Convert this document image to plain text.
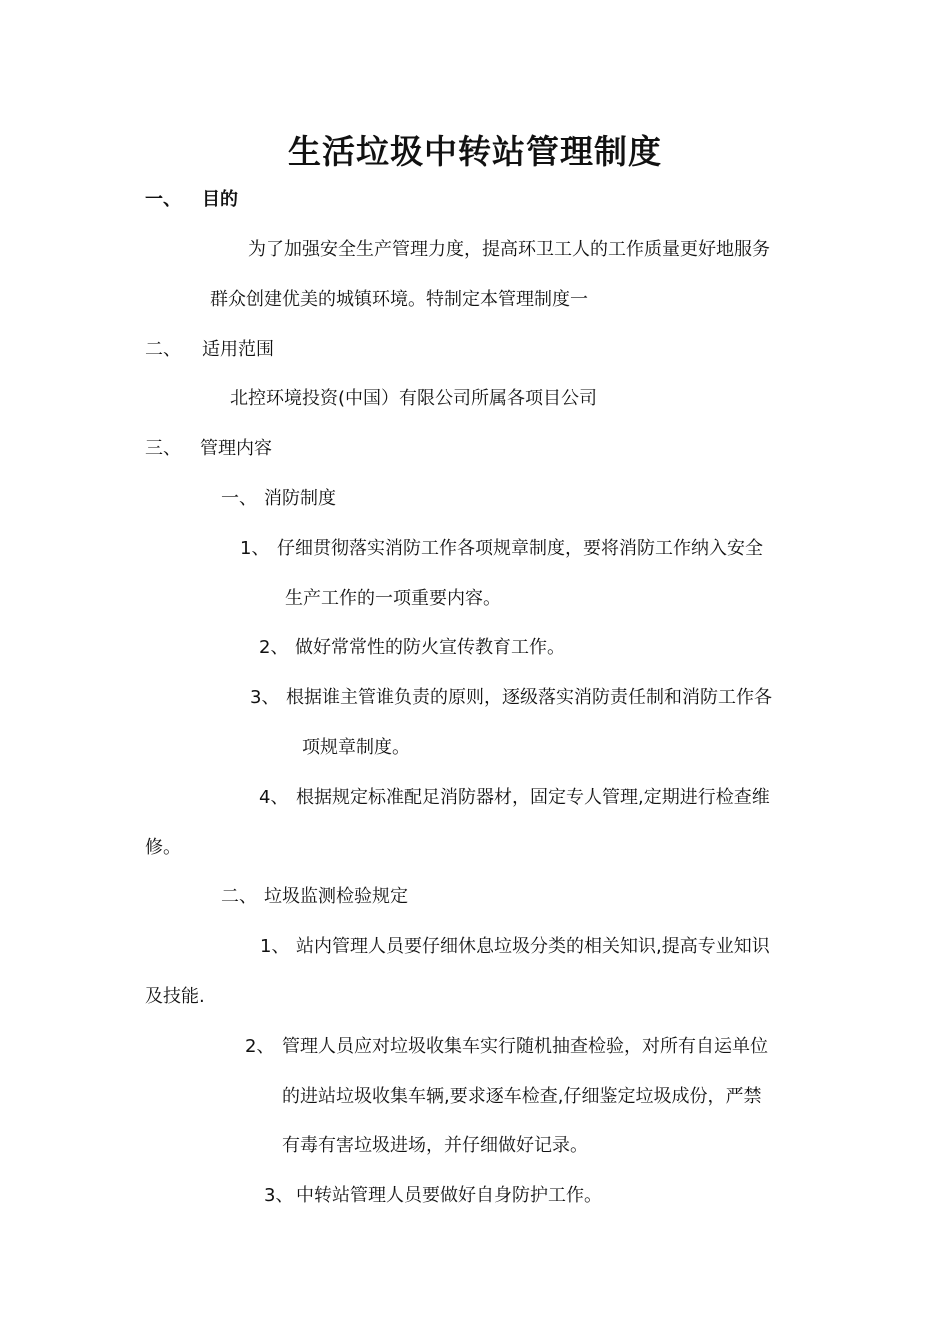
生活垃圾中转站管理制度
一、 目的
为了加强安全生产管理力度，提高环卫工人的工作质量更好地服务
群众创建优美的城镇环境。特制定本管理制度一
二、 适用范围
北控环境投资(中国）有限公司所属各项目公司
三、 管理内容
一、 消防制度
1、 仔细贯彻落实消防工作各项规章制度，要将消防工作纳入安全
生产工作的一项重要内容。
2、 做好常常性的防火宣传教育工作。
3、 根据谁主管谁负责的原则，逐级落实消防责任制和消防工作各
项规章制度。
4、 根据规定标准配足消防器材，固定专人管理,定期进行检查维
修。
二、 垃圾监测检验规定
1、 站内管理人员要仔细休息垃圾分类的相关知识,提高专业知识
及技能.
2、 管理人员应对垃圾收集车实行随机抽查检验，对所有自运单位
的进站垃圾收集车辆,要求逐车检查,仔细鉴定垃圾成份，严禁
有毒有害垃圾进场，并仔细做好记录。
3、 中转站管理人员要做好自身防护工作。
